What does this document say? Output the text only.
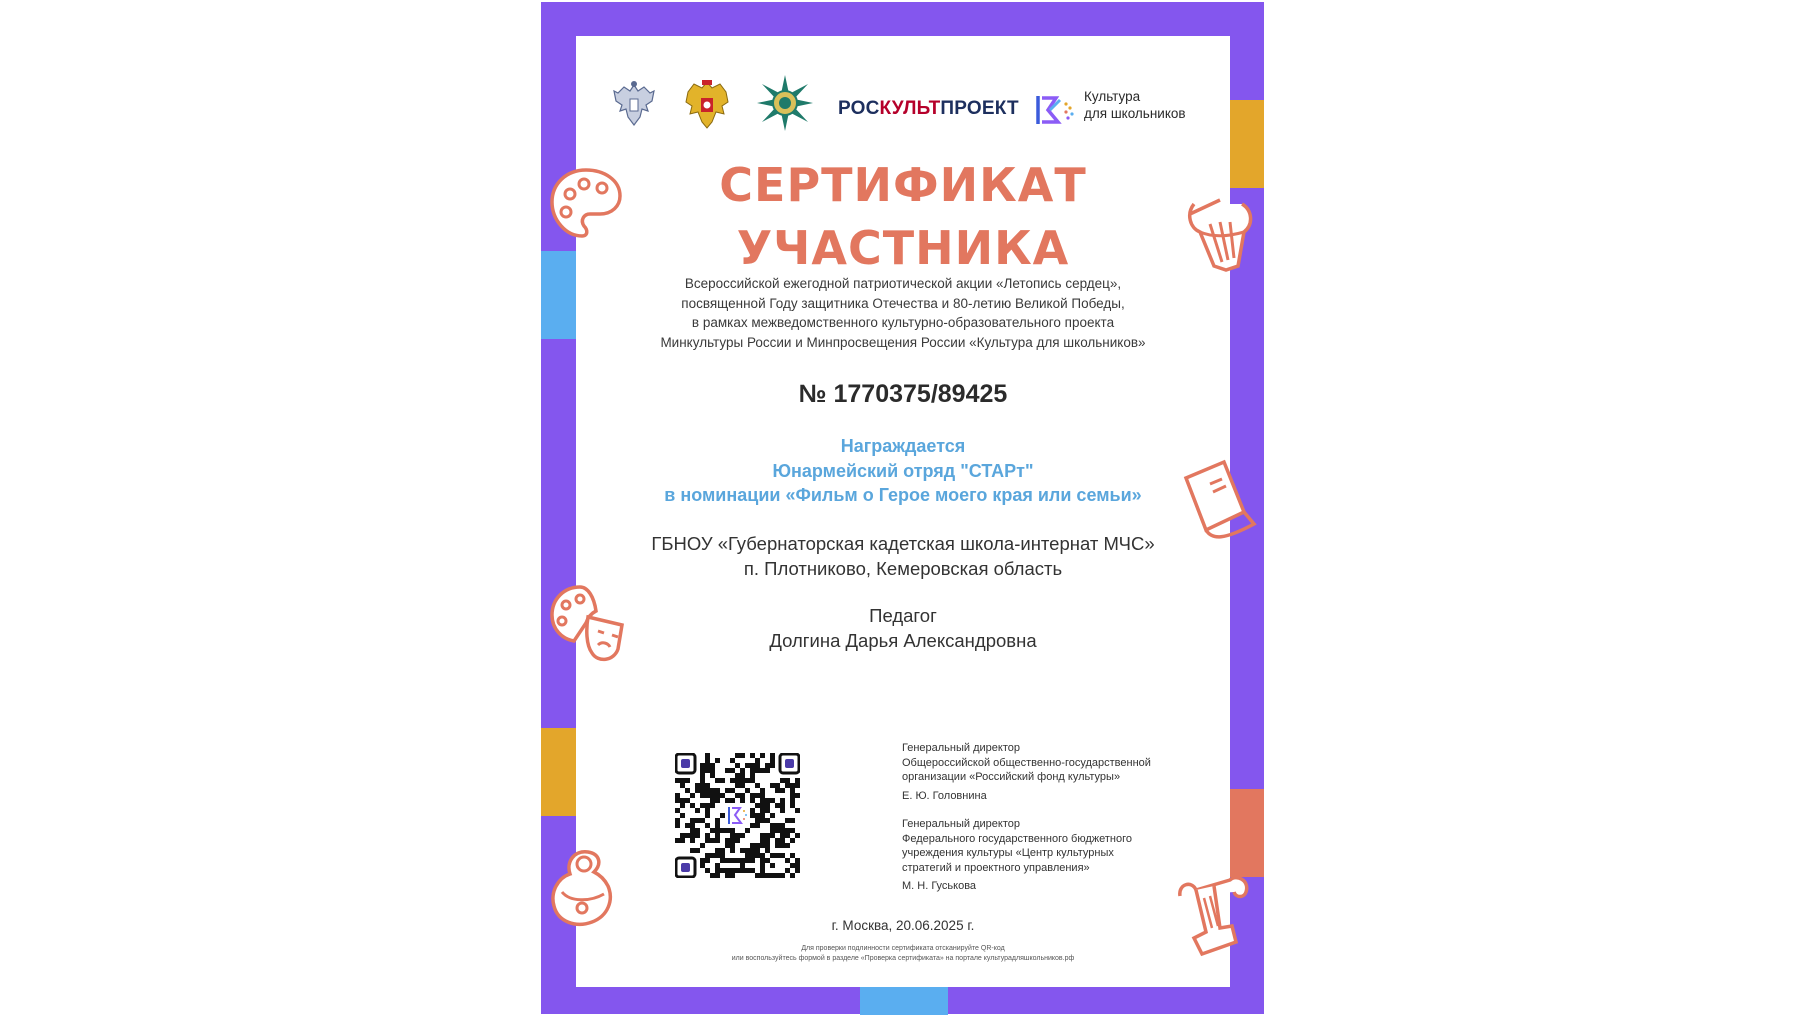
РОСКУЛЬТПРОЕКТ
Культура
для школьников
СЕРТИФИКАТ
УЧАСТНИКА
Всероссийской ежегодной патриотической акции «Летопись сердец»,
посвященной Году защитника Отечества и 80-летию Великой Победы,
в рамках межведомственного культурно-образовательного проекта
Минкультуры России и Минпросвещения России «Культура для школьников»
№ 1770375/89425
Награждается
Юнармейский отряд "СТАРт"
в номинации «Фильм о Герое моего края или семьи»
ГБНОУ «Губернаторская кадетская школа-интернат МЧС»
п. Плотниково, Кемеровская область
Педагог
Долгина Дарья Александровна
Генеральный директор
Общероссийской общественно-государственной
организации «Российский фонд культуры»
Е. Ю. Головнина
Генеральный директор
Федерального государственного бюджетного
учреждения культуры «Центр культурных
стратегий и проектного управления»
М. Н. Гуськова
г. Москва, 20.06.2025 г.
Для проверки подлинности сертификата отсканируйте QR-код
или воспользуйтесь формой в разделе «Проверка сертификата» на портале культурадляшкольников.рф
